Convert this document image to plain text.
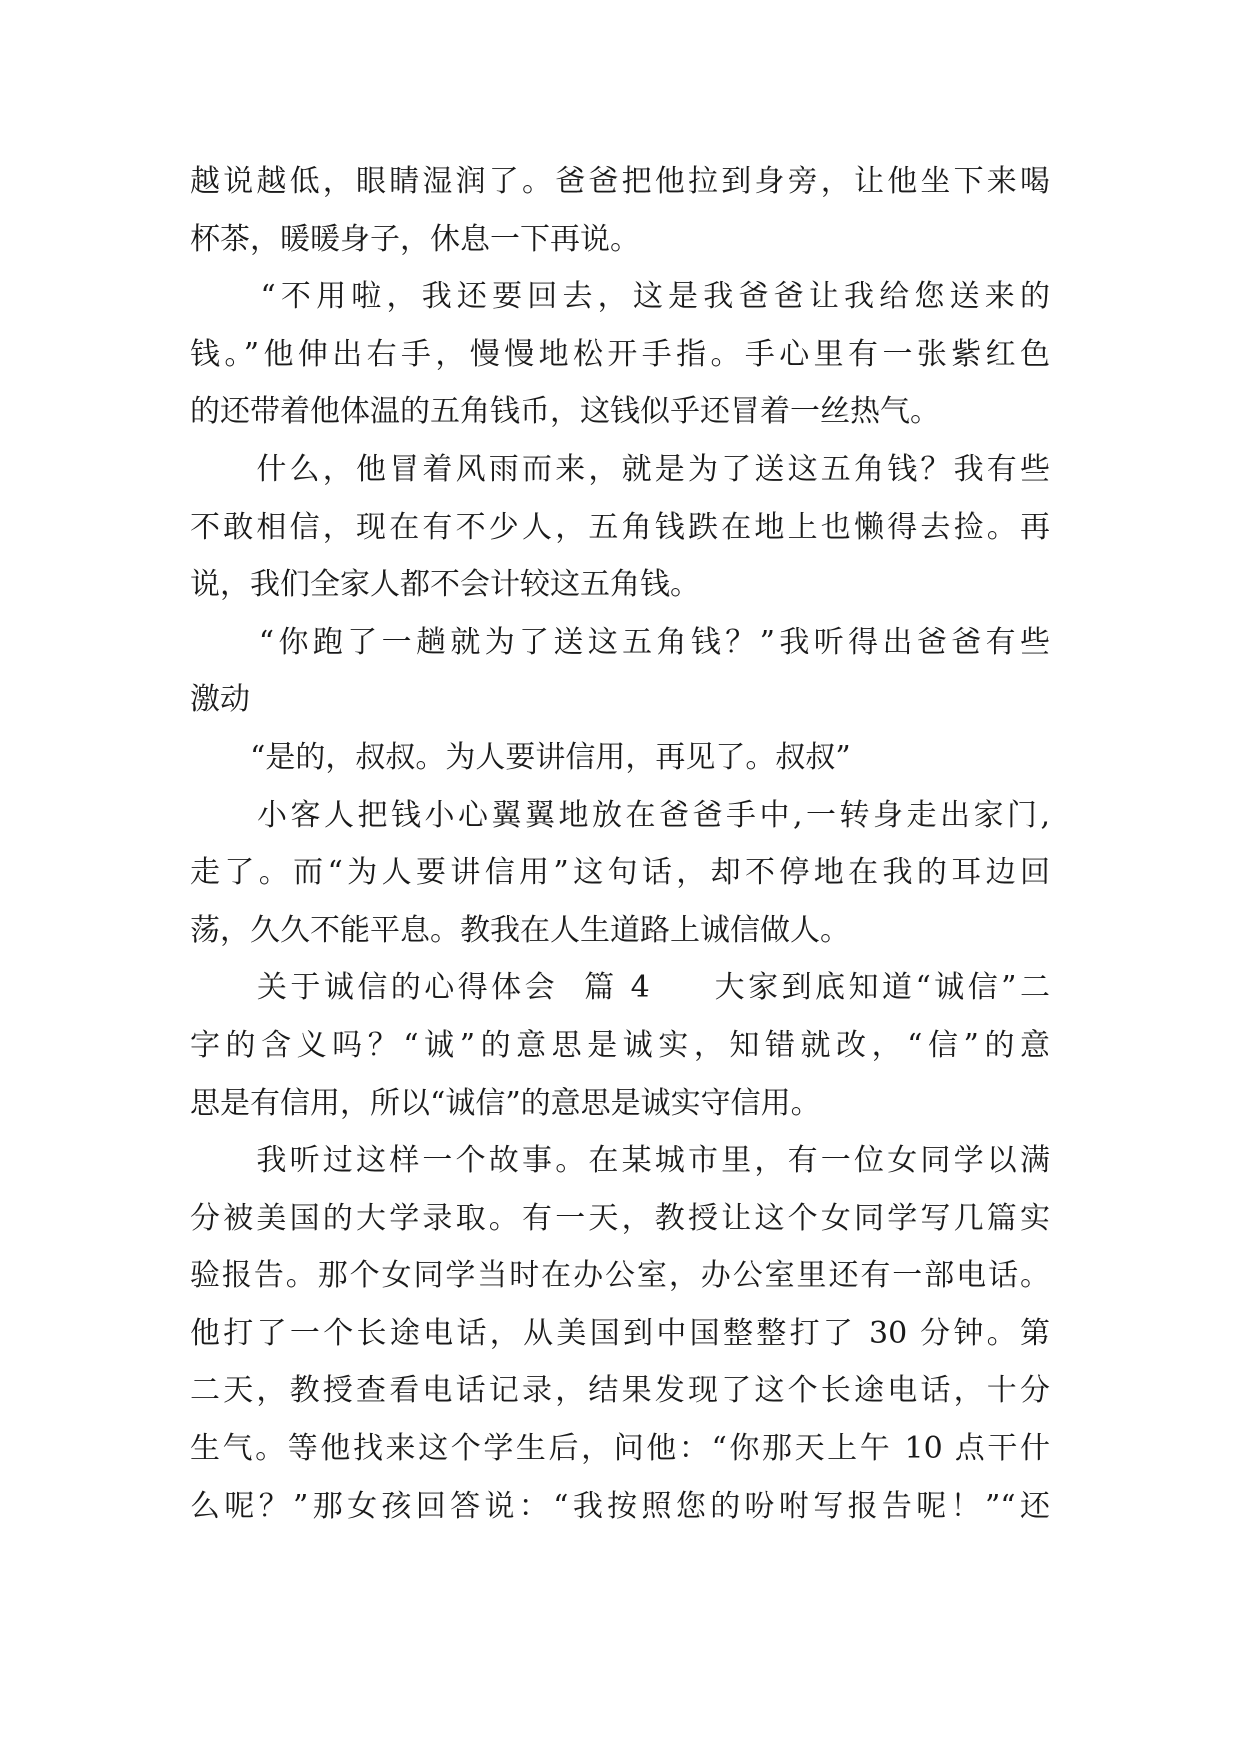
越说越低，眼睛湿润了。爸爸把他拉到身旁，让他坐下来喝
杯茶，暖暖身子，休息一下再说。
　　“不用啦，我还要回去，这是我爸爸让我给您送来的
钱。”他伸出右手，慢慢地松开手指。手心里有一张紫红色
的还带着他体温的五角钱币，这钱似乎还冒着一丝热气。
　　什么，他冒着风雨而来，就是为了送这五角钱？我有些
不敢相信，现在有不少人，五角钱跌在地上也懒得去捡。再
说，我们全家人都不会计较这五角钱。
　　“你跑了一趟就为了送这五角钱？”我听得出爸爸有些
激动
　　“是的，叔叔。为人要讲信用，再见了。叔叔”
　　小客人把钱小心翼翼地放在爸爸手中,一转身走出家门,
走了。而“为人要讲信用”这句话，却不停地在我的耳边回
荡，久久不能平息。教我在人生道路上诚信做人。
　　关于诚信的心得体会  篇 4     大家到底知道“诚信”二
字的含义吗？“诚”的意思是诚实，知错就改，“信”的意
思是有信用，所以“诚信”的意思是诚实守信用。
　　我听过这样一个故事。在某城市里，有一位女同学以满
分被美国的大学录取。有一天，教授让这个女同学写几篇实
验报告。那个女同学当时在办公室，办公室里还有一部电话。
他打了一个长途电话，从美国到中国整整打了 30 分钟。第
二天，教授查看电话记录，结果发现了这个长途电话，十分
生气。等他找来这个学生后，问他：“你那天上午 10 点干什
么呢？”那女孩回答说：“我按照您的吩咐写报告呢！”“还
